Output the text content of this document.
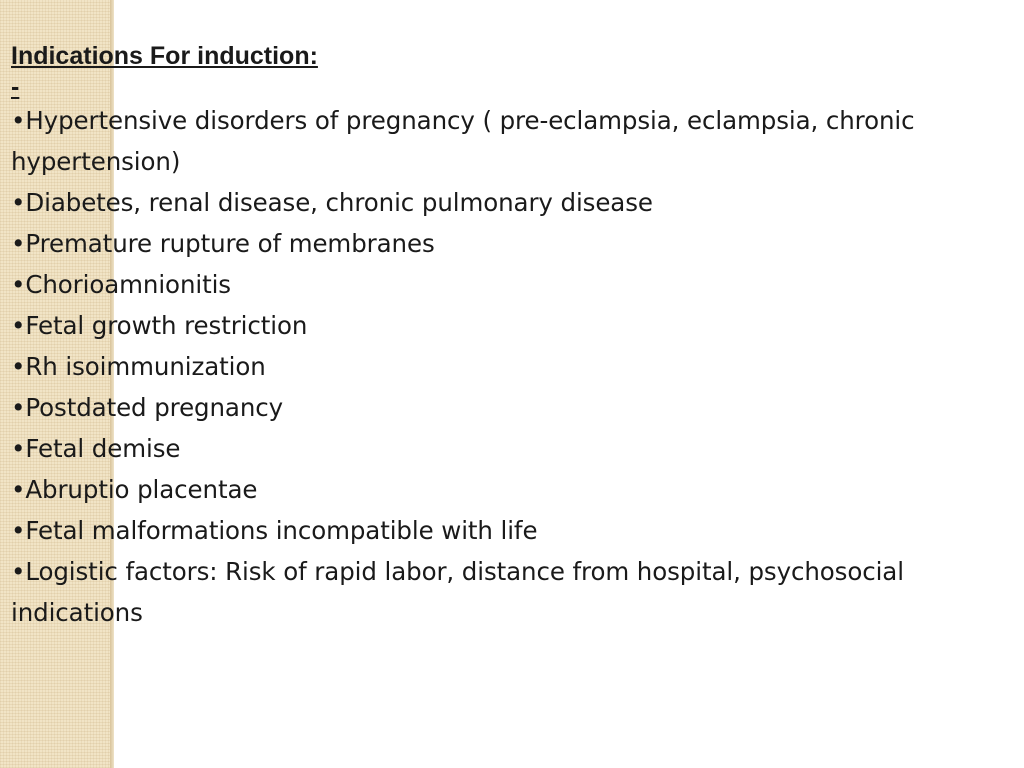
Indications For induction:
-
•Hypertensive disorders of pregnancy ( pre-eclampsia, eclampsia, chronic hypertension)
•Diabetes, renal disease, chronic pulmonary disease
•Premature rupture of membranes
•Chorioamnionitis
•Fetal growth restriction
•Rh isoimmunization
•Postdated pregnancy
•Fetal demise
•Abruptio placentae
•Fetal malformations incompatible with life
•Logistic factors: Risk of rapid labor, distance from hospital, psychosocial indications
